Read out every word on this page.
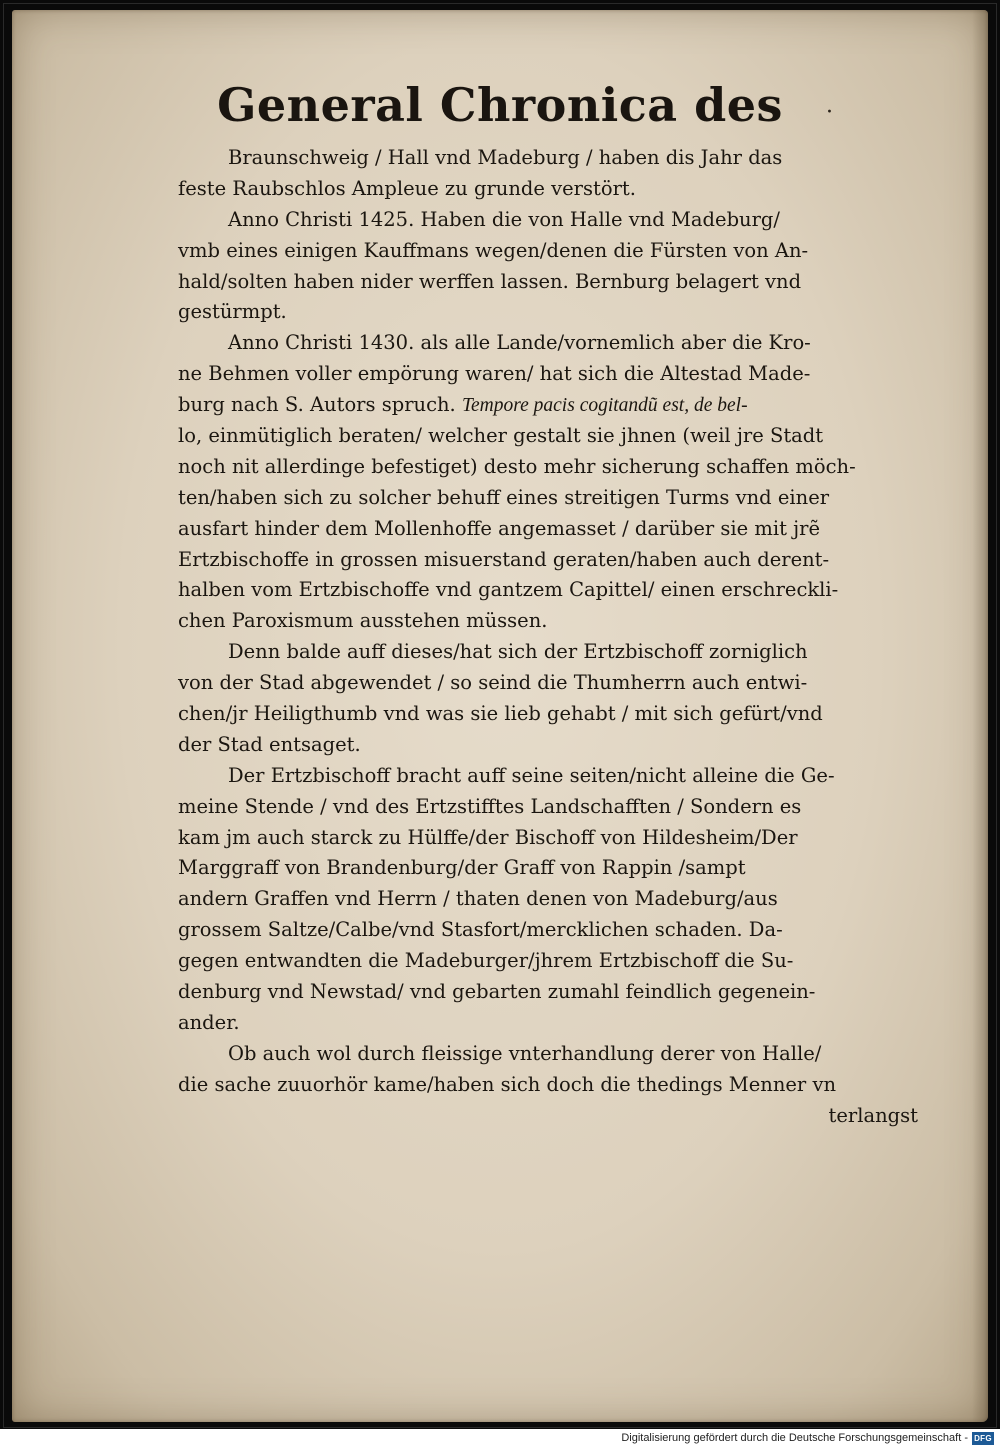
General Chronica des	·
Braunschweig / Hall vnd Madeburg / haben dis Jahr das
feste Raubschlos Ampleue zu grunde verstört.
Anno Christi 1425. Haben die von Halle vnd Madeburg/
vmb eines einigen Kauffmans wegen/denen die Fürsten von An-
hald/solten haben nider werffen lassen. Bernburg belagert vnd
gestürmpt.
Anno Christi 1430. als alle Lande/vornemlich aber die Kro-
ne Behmen voller empörung waren/ hat sich die Altestad Made-
burg nach S. Autors spruch. Tempore pacis cogitandũ est, de bel-
lo, einmütiglich beraten/ welcher gestalt sie jhnen (weil jre Stadt
noch nit allerdinge befestiget) desto mehr sicherung schaffen möch-
ten/haben sich zu solcher behuff eines streitigen Turms vnd einer
ausfart hinder dem Mollenhoffe angemasset / darüber sie mit jrẽ
Ertzbischoffe in grossen misuerstand geraten/haben auch derent-
halben vom Ertzbischoffe vnd gantzem Capittel/ einen erschreckli-
chen Paroxismum ausstehen müssen.
Denn balde auff dieses/hat sich der Ertzbischoff zorniglich
von der Stad abgewendet / so seind die Thumherrn auch entwi-
chen/jr Heiligthumb vnd was sie lieb gehabt / mit sich gefürt/vnd
der Stad entsaget.
Der Ertzbischoff bracht auff seine seiten/nicht alleine die Ge-
meine Stende / vnd des Ertzstifftes Landschafften / Sondern es
kam jm auch starck zu Hülffe/der Bischoff von Hildesheim/Der
Marggraff von Brandenburg/der Graff von Rappin /sampt
andern Graffen vnd Herrn / thaten denen von Madeburg/aus
grossem Saltze/Calbe/vnd Stasfort/mercklichen schaden. Da-
gegen entwandten die Madeburger/jhrem Ertzbischoff die Su-
denburg vnd Newstad/ vnd gebarten zumahl feindlich gegenein-
ander.
Ob auch wol durch fleissige vnterhandlung derer von Halle/
die sache zuuorhör kame/haben sich doch die thedings Menner vn
terlangst
Digitalisierung gefördert durch die Deutsche Forschungsgemeinschaft - DFG
